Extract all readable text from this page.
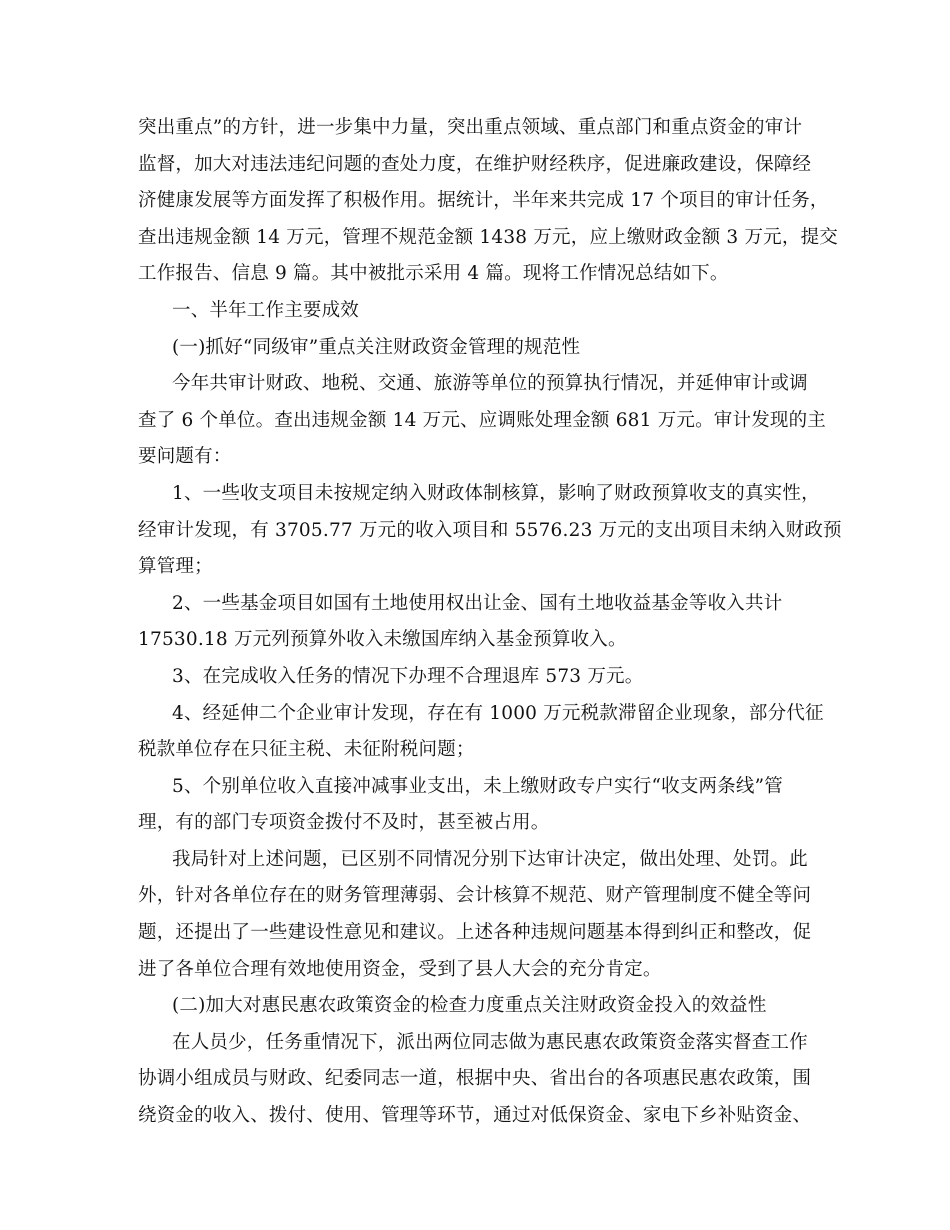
突出重点”的方针，进一步集中力量，突出重点领域、重点部门和重点资金的审计
监督，加大对违法违纪问题的查处力度，在维护财经秩序，促进廉政建设，保障经
济健康发展等方面发挥了积极作用。据统计，半年来共完成 17 个项目的审计任务，
查出违规金额 14 万元，管理不规范金额 1438 万元，应上缴财政金额 3 万元，提交
工作报告、信息 9 篇。其中被批示采用 4 篇。现将工作情况总结如下。
一、半年工作主要成效
(一)抓好“同级审”重点关注财政资金管理的规范性
今年共审计财政、地税、交通、旅游等单位的预算执行情况，并延伸审计或调
查了 6 个单位。查出违规金额 14 万元、应调账处理金额 681 万元。审计发现的主
要问题有：
1、一些收支项目未按规定纳入财政体制核算，影响了财政预算收支的真实性，
经审计发现，有 3705.77 万元的收入项目和 5576.23 万元的支出项目未纳入财政预
算管理；
2、一些基金项目如国有土地使用权出让金、国有土地收益基金等收入共计
17530.18 万元列预算外收入未缴国库纳入基金预算收入。
3、在完成收入任务的情况下办理不合理退库 573 万元。
4、经延伸二个企业审计发现，存在有 1000 万元税款滞留企业现象，部分代征
税款单位存在只征主税、未征附税问题；
5、个别单位收入直接冲减事业支出，未上缴财政专户实行“收支两条线”管
理，有的部门专项资金拨付不及时，甚至被占用。
我局针对上述问题，已区别不同情况分别下达审计决定，做出处理、处罚。此
外，针对各单位存在的财务管理薄弱、会计核算不规范、财产管理制度不健全等问
题，还提出了一些建设性意见和建议。上述各种违规问题基本得到纠正和整改，促
进了各单位合理有效地使用资金，受到了县人大会的充分肯定。
(二)加大对惠民惠农政策资金的检查力度重点关注财政资金投入的效益性
在人员少，任务重情况下，派出两位同志做为惠民惠农政策资金落实督查工作
协调小组成员与财政、纪委同志一道，根据中央、省出台的各项惠民惠农政策，围
绕资金的收入、拨付、使用、管理等环节，通过对低保资金、家电下乡补贴资金、
